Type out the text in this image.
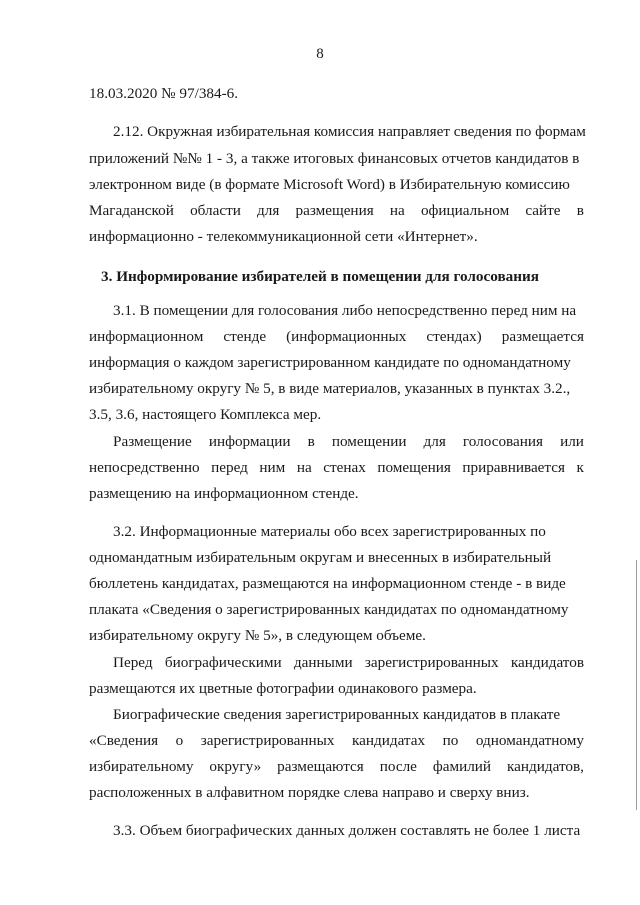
8
18.03.2020 № 97/384-6.
2.12. Окружная избирательная комиссия направляет сведения по формам
приложений №№ 1 - 3, а также итоговых финансовых отчетов кандидатов в
электронном виде (в формате Microsoft Word) в Избирательную комиссию
Магаданской области для размещения на официальном сайте в
информационно - телекоммуникационной сети «Интернет».
3. Информирование избирателей в помещении для голосования
3.1. В помещении для голосования либо непосредственно перед ним на
информационном стенде (информационных стендах) размещается
информация о каждом зарегистрированном кандидате по одномандатному
избирательному округу № 5, в виде материалов, указанных в пунктах 3.2.,
3.5, 3.6, настоящего Комплекса мер.
Размещение информации в помещении для голосования или
непосредственно перед ним на стенах помещения приравнивается к
размещению на информационном стенде.
3.2. Информационные материалы обо всех зарегистрированных по
одномандатным избирательным округам и внесенных в избирательный
бюллетень кандидатах, размещаются на информационном стенде - в виде
плаката «Сведения о зарегистрированных кандидатах по одномандатному
избирательному округу № 5», в следующем объеме.
Перед биографическими данными зарегистрированных кандидатов
размещаются их цветные фотографии одинакового размера.
Биографические сведения зарегистрированных кандидатов в плакате
«Сведения о зарегистрированных кандидатах по одномандатному
избирательному округу» размещаются после фамилий кандидатов,
расположенных в алфавитном порядке слева направо и сверху вниз.
3.3. Объем биографических данных должен составлять не более 1 листа
